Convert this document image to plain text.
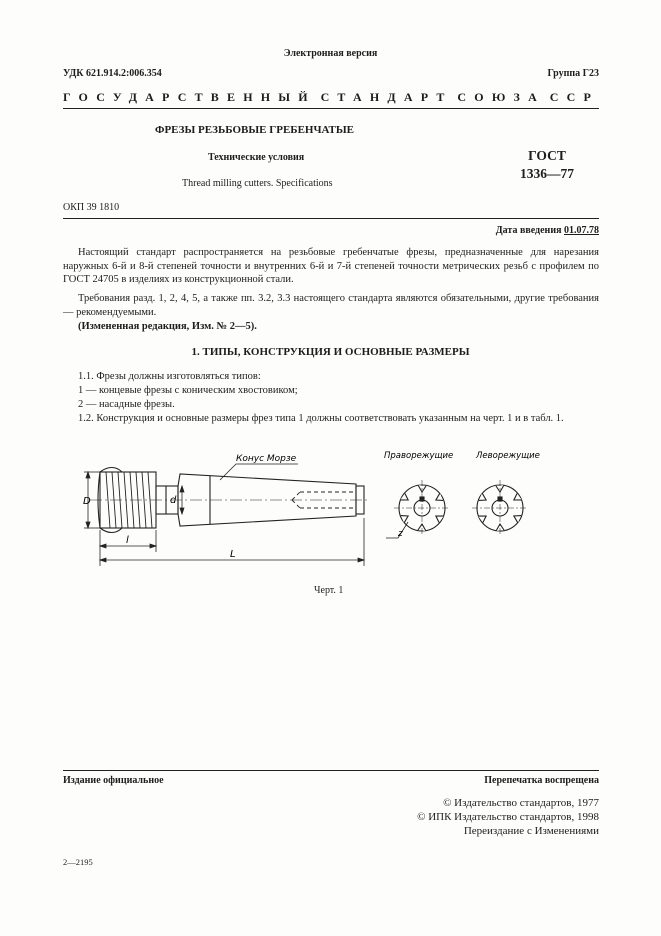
Электронная версия
УДК 621.914.2:006.354	Группа Г23
ГОСУДАРСТВЕННЫЙ СТАНДАРТ СОЮЗА ССР
ФРЕЗЫ РЕЗЬБОВЫЕ ГРЕБЕНЧАТЫЕ
Технические условия
Thread milling cutters. Specifications
ГОСТ
1336—77
ОКП 39 1810
Дата введения 01.07.78
Настоящий стандарт распространяется на резьбовые гребенчатые фрезы, предназначенные для нарезания наружных 6-й и 8-й степеней точности и внутренних 6-й и 7-й степеней точности метрических резьб с профилем по ГОСТ 24705 в изделиях из конструкционной стали.
Требования разд. 1, 2, 4, 5, а также пп. 3.2, 3.3 настоящего стандарта являются обязательными, другие требования — рекомендуемыми.
(Измененная редакция, Изм. № 2—5).
1. ТИПЫ, КОНСТРУКЦИЯ И ОСНОВНЫЕ РАЗМЕРЫ
1.1. Фрезы должны изготовляться типов:
1 — концевые фрезы с коническим хвостовиком;
2 — насадные фрезы.
1.2. Конструкция и основные размеры фрез типа 1 должны соответствовать указанным на черт. 1 и в табл. 1.
Конус Морзе
D	d
l
L
Праворежущие
z
Леворежущие
Черт. 1
Издание официальное	Перепечатка воспрещена
© Издательство стандартов, 1977
© ИПК Издательство стандартов, 1998
Переиздание с Изменениями
2—2195
